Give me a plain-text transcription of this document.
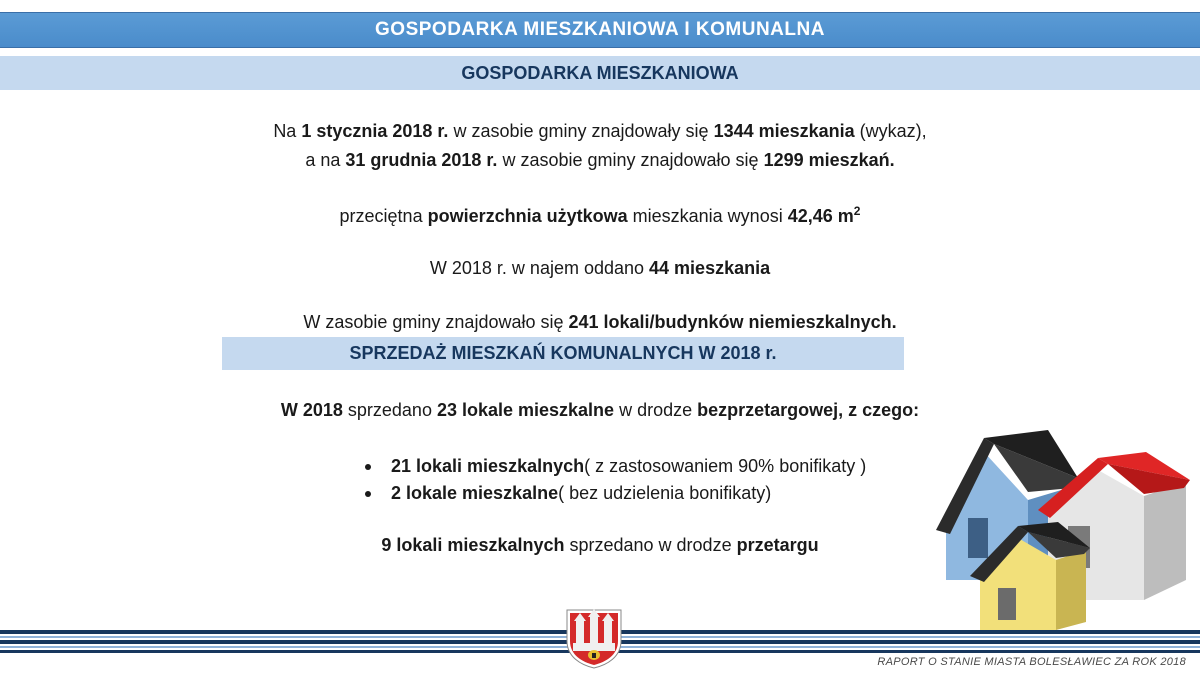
GOSPODARKA MIESZKANIOWA I KOMUNALNA
GOSPODARKA MIESZKANIOWA
Na 1 stycznia 2018 r. w zasobie gminy znajdowały się 1344 mieszkania (wykaz),
a na 31 grudnia 2018 r. w zasobie gminy znajdowało się 1299 mieszkań.
przeciętna powierzchnia użytkowa mieszkania wynosi 42,46 $m^2$
W 2018 r. w najem oddano 44 mieszkania
W zasobie gminy znajdowało się 241 lokali/budynków niemieszkalnych.
SPRZEDAŻ MIESZKAŃ KOMUNALNYCH W 2018 r.
W 2018 sprzedano 23 lokale mieszkalne w drodze bezprzetargowej, z czego:
21 lokali mieszkalnych ( z zastosowaniem 90% bonifikaty )
2 lokale mieszkalne ( bez udzielenia bonifikaty)
9 lokali mieszkalnych sprzedano w drodze przetargu
RAPORT O STANIE MIASTA BOLESŁAWIEC ZA ROK 2018
